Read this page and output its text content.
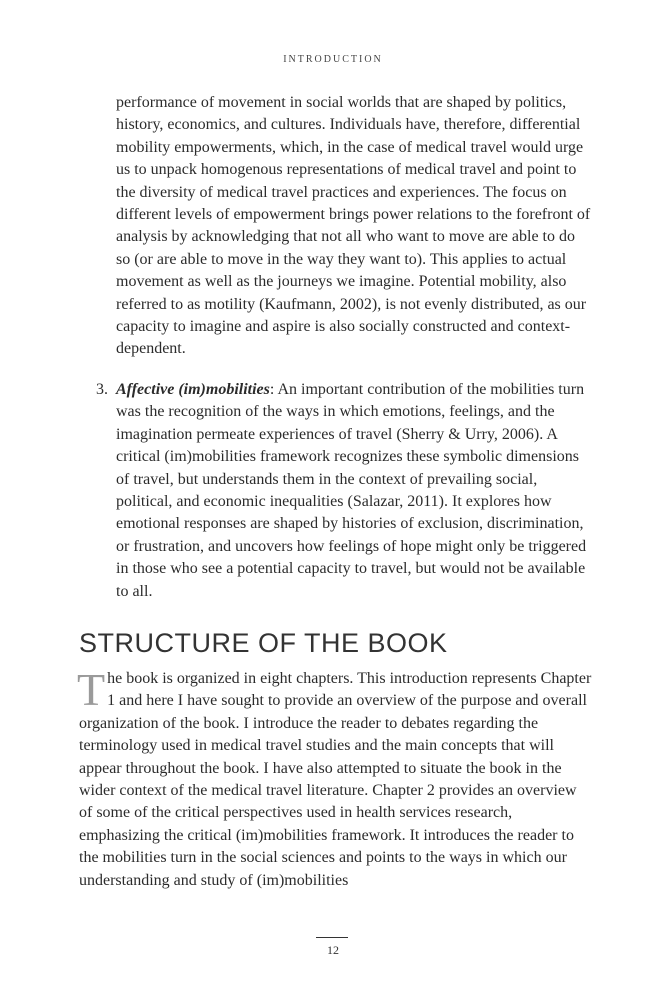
INTRODUCTION

performance of movement in social worlds that are shaped by politics, history, economics, and cultures. Individuals have, therefore, differential mobility empowerments, which, in the case of medical travel would urge us to unpack homogenous representations of medical travel and point to the diversity of medical travel practices and experiences. The focus on different levels of empowerment brings power relations to the forefront of analysis by acknowledging that not all who want to move are able to do so (or are able to move in the way they want to). This applies to actual movement as well as the journeys we imagine. Potential mobility, also referred to as motility (Kaufmann, 2002), is not evenly distributed, as our capacity to imagine and aspire is also socially constructed and context-dependent.

3. Affective (im)mobilities: An important contribution of the mobilities turn was the recognition of the ways in which emotions, feelings, and the imagination permeate experiences of travel (Sherry & Urry, 2006). A critical (im)mobilities framework recognizes these symbolic dimensions of travel, but understands them in the context of prevailing social, political, and economic inequalities (Salazar, 2011). It explores how emotional responses are shaped by histories of exclusion, discrimination, or frustration, and uncovers how feelings of hope might only be triggered in those who see a potential capacity to travel, but would not be available to all.
STRUCTURE OF THE BOOK

The book is organized in eight chapters. This introduction represents Chapter 1 and here I have sought to provide an overview of the purpose and overall organization of the book. I introduce the reader to debates regarding the terminology used in medical travel studies and the main concepts that will appear throughout the book. I have also attempted to situate the book in the wider context of the medical travel literature. Chapter 2 provides an overview of some of the critical perspectives used in health services research, emphasizing the critical (im)mobilities framework. It introduces the reader to the mobilities turn in the social sciences and points to the ways in which our understanding and study of (im)mobilities

12
